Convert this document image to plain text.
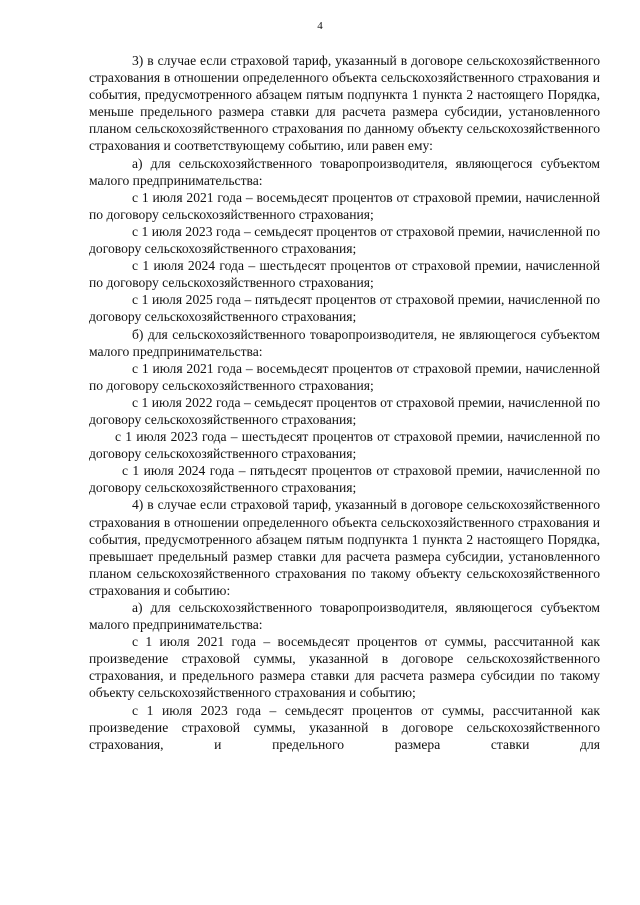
4

3) в случае если страховой тариф, указанный в договоре сельскохозяйственного страхования в отношении определенного объекта сельскохозяйственного страхования и события, предусмотренного абзацем пятым подпункта 1 пункта 2 настоящего Порядка, меньше предельного размера ставки для расчета размера субсидии, установленного планом сельскохозяйственного страхования по данному объекту сельскохозяйственного страхования и соответствующему событию, или равен ему:

а) для сельскохозяйственного товаропроизводителя, являющегося субъектом малого предпринимательства:

с 1 июля 2021 года – восемьдесят процентов от страховой премии, начисленной по договору сельскохозяйственного страхования;

с 1 июля 2023 года – семьдесят процентов от страховой премии, начисленной по договору сельскохозяйственного страхования;

с 1 июля 2024 года – шестьдесят процентов от страховой премии, начисленной по договору сельскохозяйственного страхования;

с 1 июля 2025 года – пятьдесят процентов от страховой премии, начисленной по договору сельскохозяйственного страхования;

б) для сельскохозяйственного товаропроизводителя, не являющегося субъектом малого предпринимательства:

с 1 июля 2021 года – восемьдесят процентов от страховой премии, начисленной по договору сельскохозяйственного страхования;

с 1 июля 2022 года – семьдесят процентов от страховой премии, начисленной по договору сельскохозяйственного страхования;

с 1 июля 2023 года – шестьдесят процентов от страховой премии, начисленной по договору сельскохозяйственного страхования;

с 1 июля 2024 года – пятьдесят процентов от страховой премии, начисленной по договору сельскохозяйственного страхования;

4) в случае если страховой тариф, указанный в договоре сельскохозяйственного страхования в отношении определенного объекта сельскохозяйственного страхования и события, предусмотренного абзацем пятым подпункта 1 пункта 2 настоящего Порядка, превышает предельный размер ставки для расчета размера субсидии, установленного планом сельскохозяйственного страхования по такому объекту сельскохозяйственного страхования и событию:

а) для сельскохозяйственного товаропроизводителя, являющегося субъектом малого предпринимательства:

с 1 июля 2021 года – восемьдесят процентов от суммы, рассчитанной как произведение страховой суммы, указанной в договоре сельскохозяйственного страхования, и предельного размера ставки для расчета размера субсидии по такому объекту сельскохозяйственного страхования и событию;

с 1 июля 2023 года – семьдесят процентов от суммы, рассчитанной как произведение страховой суммы, указанной в договоре сельскохозяйственного страхования, и предельного размера ставки для
